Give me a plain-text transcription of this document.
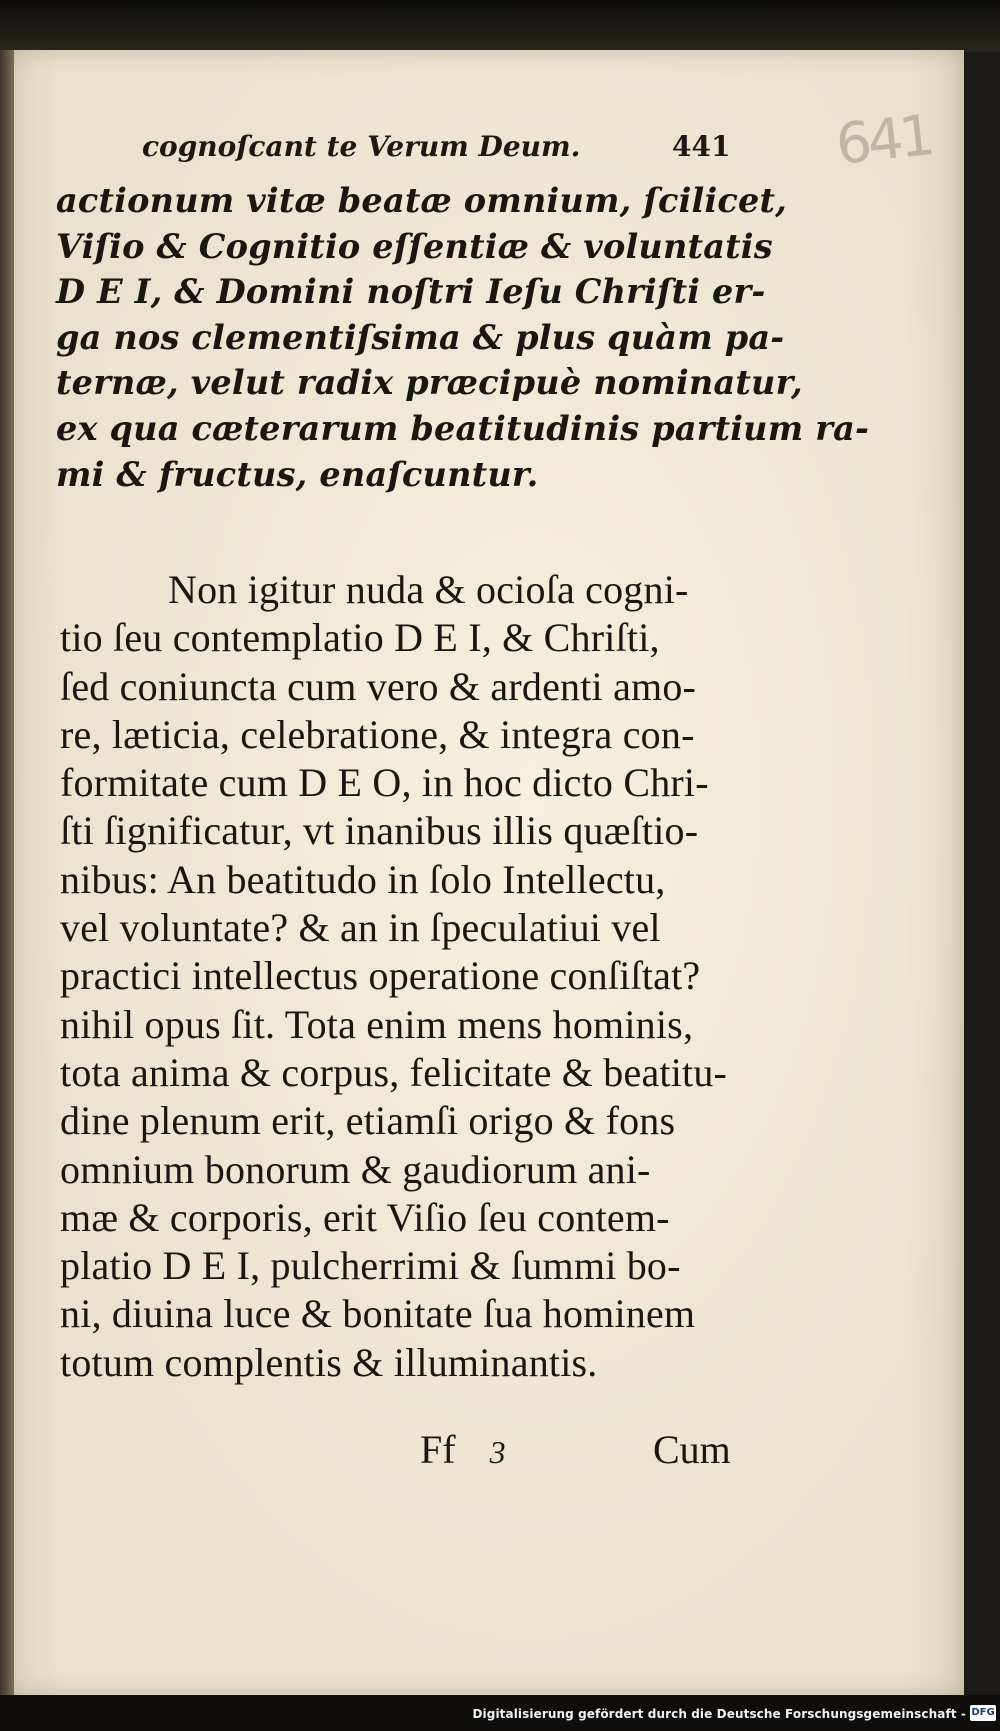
cognoſcant te Verum Deum.	441 641
actionum vitæ beatæ omnium, ſcilicet,
Viſio & Cognitio eſſentiæ & voluntatis
D E I, & Domini noſtri Ieſu Chriſti er-
ga nos clementiſsima & plus quàm pa-
ternæ, velut radix præcipuè nominatur,
ex qua cæterarum beatitudinis partium ra-
mi & fructus, enaſcuntur.
Non igitur nuda & ocioſa cogni-
tio ſeu contemplatio D E I, & Chriſti,
ſed coniuncta cum vero & ardenti amo-
re, læticia, celebratione, & integra con-
formitate cum D E O, in hoc dicto Chri-
ſti ſignificatur, vt inanibus illis quæſtio-
nibus: An beatitudo in ſolo Intellectu,
vel voluntate? & an in ſpeculatiui vel
practici intellectus operatione conſiſtat?
nihil opus ſit. Tota enim mens hominis,
tota anima & corpus, felicitate & beatitu-
dine plenum erit, etiamſi origo & fons
omnium bonorum & gaudiorum ani-
mæ & corporis, erit Viſio ſeu contem-
platio D E I, pulcherrimi & ſummi bo-
ni, diuina luce & bonitate ſua hominem
totum complentis & illuminantis.
Ff 3	Cum
Digitalisierung gefördert durch die Deutsche Forschungsgemeinschaft - DFG
